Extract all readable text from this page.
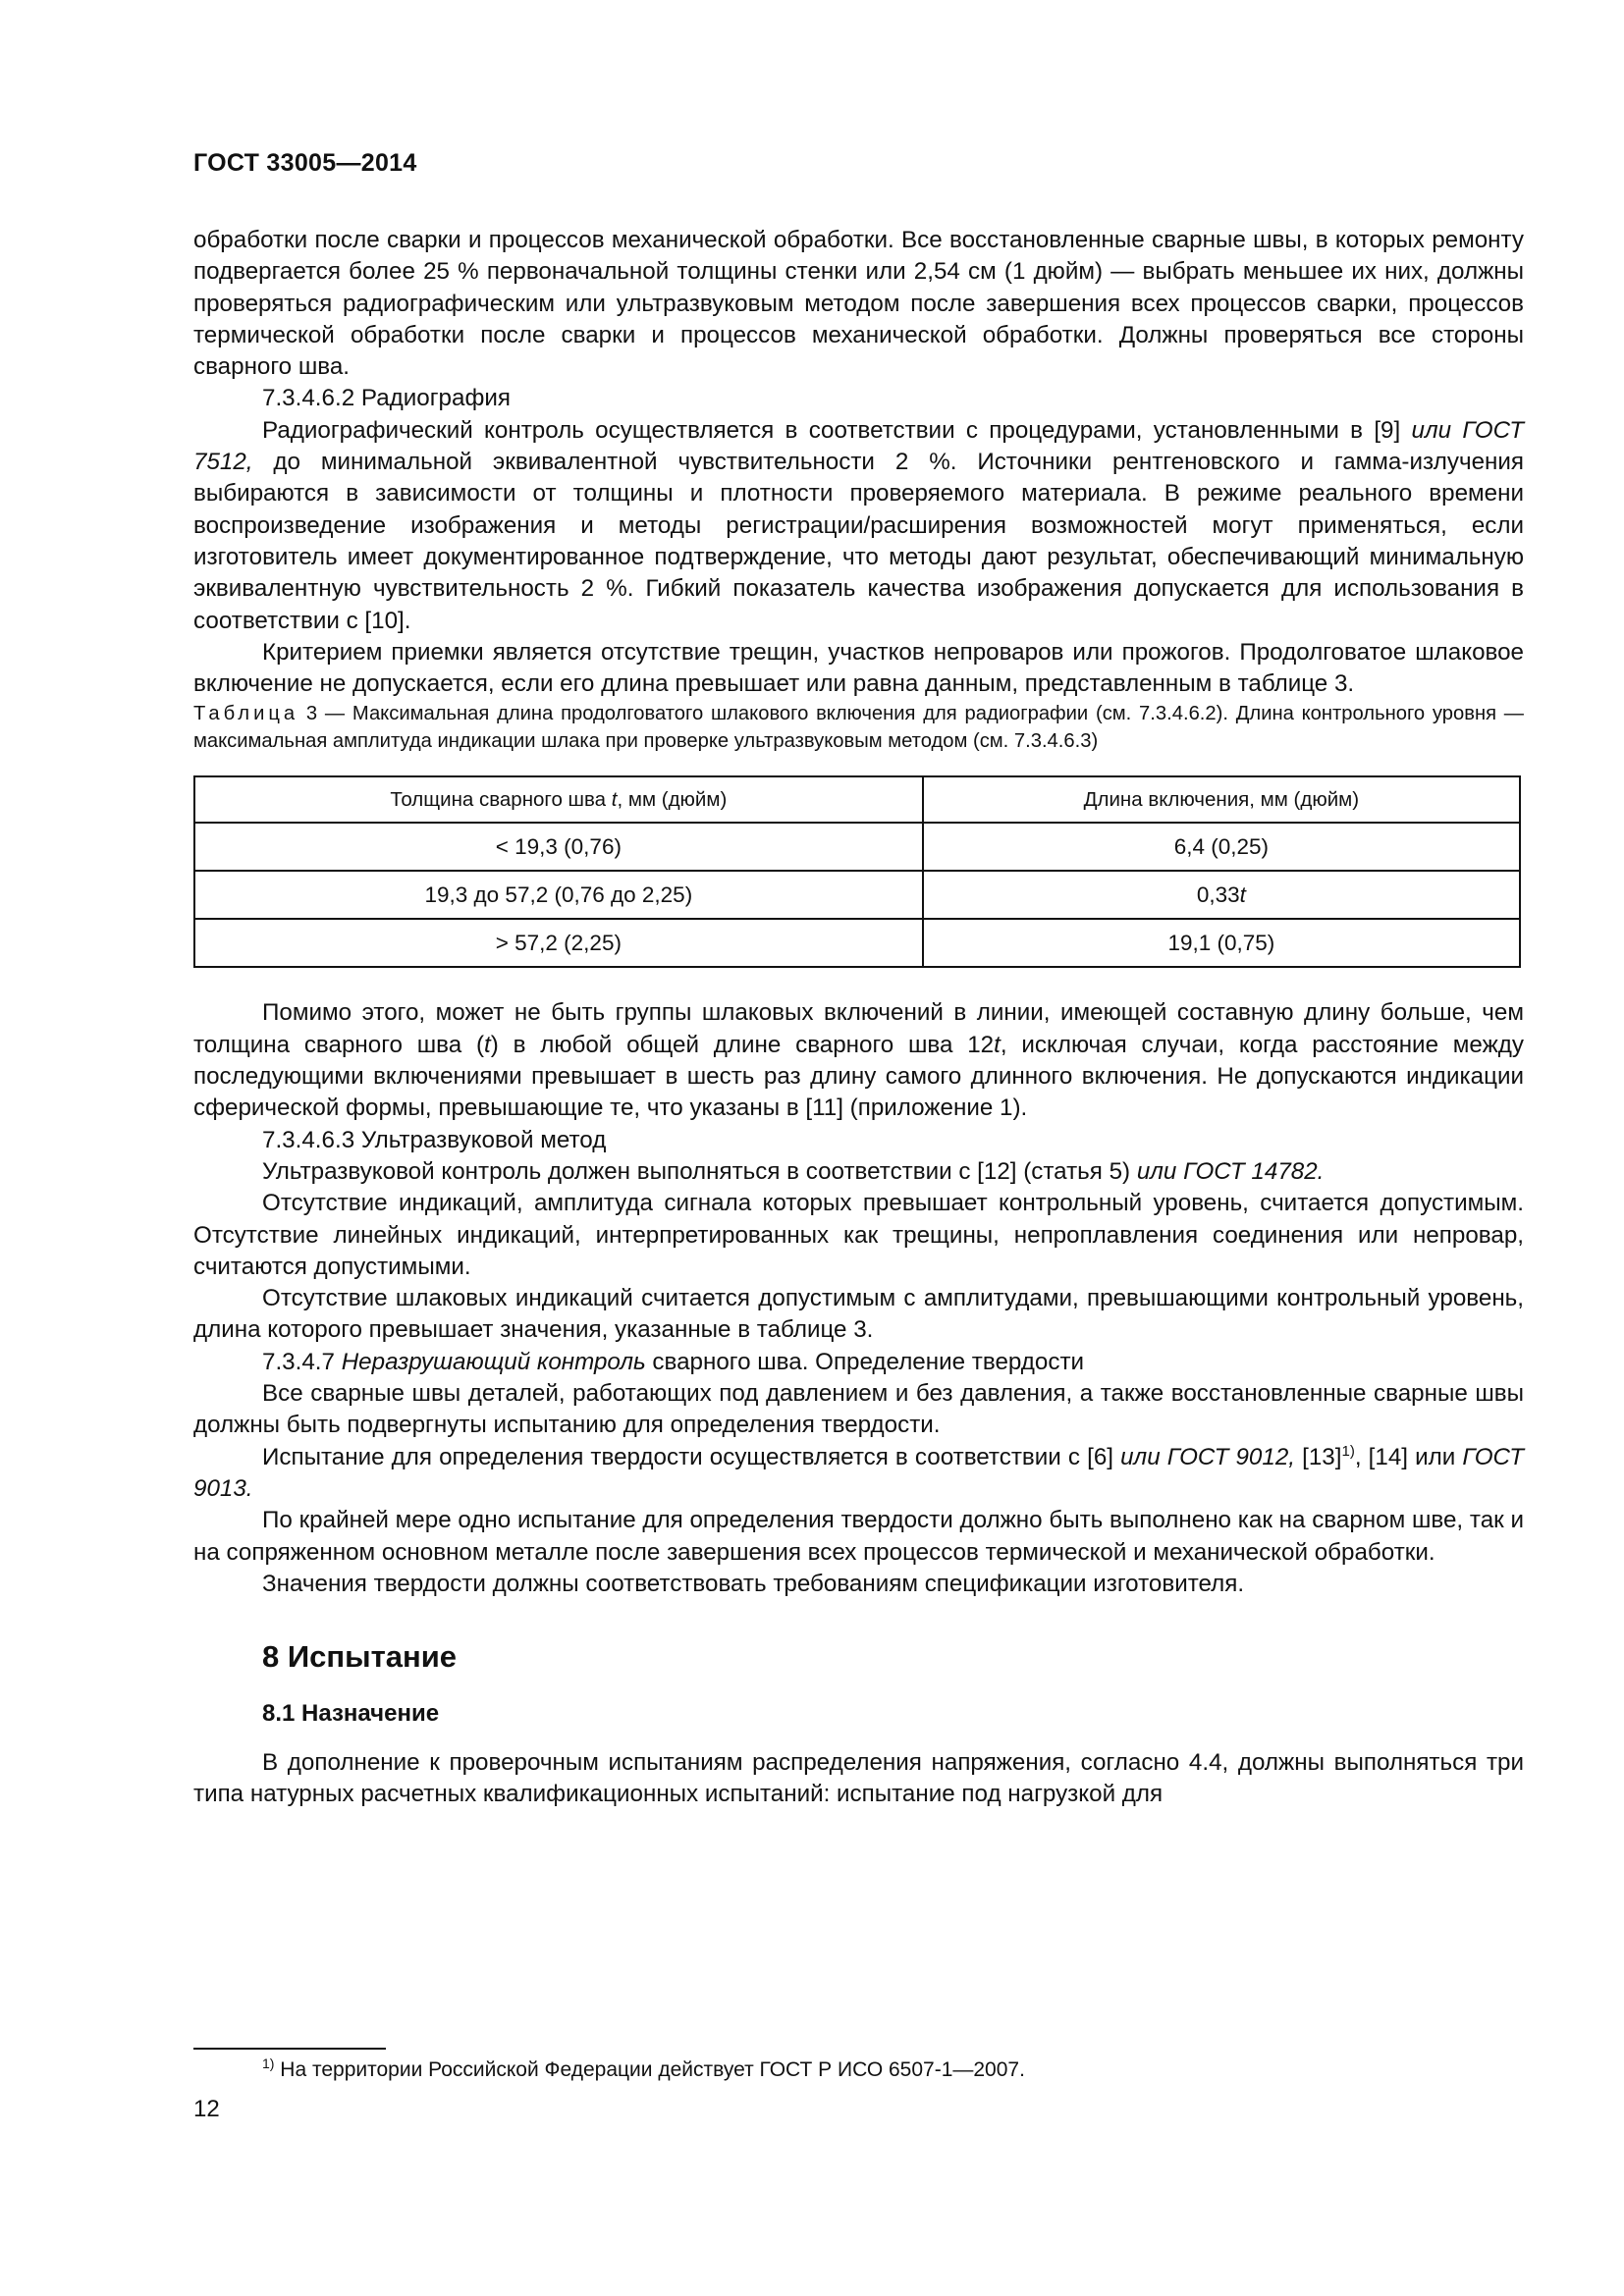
ГОСТ 33005—2014

обработки после сварки и процессов механической обработки. Все восстановленные сварные швы, в которых ремонту подвергается более 25 % первоначальной толщины стенки или 2,54 см (1 дюйм) — выбрать меньшее их них, должны проверяться радиографическим или ультразвуковым методом после завершения всех процессов сварки, процессов термической обработки после сварки и процессов механической обработки. Должны проверяться все стороны сварного шва.

7.3.4.6.2 Радиография

Радиографический контроль осуществляется в соответствии с процедурами, установленными в [9] или ГОСТ 7512, до минимальной эквивалентной чувствительности 2 %. Источники рентгеновского и гамма-излучения выбираются в зависимости от толщины и плотности проверяемого материала. В режиме реального времени воспроизведение изображения и методы регистрации/расширения возможностей могут применяться, если изготовитель имеет документированное подтверждение, что методы дают результат, обеспечивающий минимальную эквивалентную чувствительность 2 %. Гибкий показатель качества изображения допускается для использования в соответствии с [10].

Критерием приемки является отсутствие трещин, участков непроваров или прожогов. Продолговатое шлаковое включение не допускается, если его длина превышает или равна данным, представленным в таблице 3.

Таблица 3 — Максимальная длина продолговатого шлакового включения для радиографии (см. 7.3.4.6.2). Длина контрольного уровня — максимальная амплитуда индикации шлака при проверке ультразвуковым методом (см. 7.3.4.6.3)

Толщина сварного шва t, мм (дюйм)	Длина включения, мм (дюйм)
< 19,3 (0,76)	6,4 (0,25)
19,3 до 57,2 (0,76 до 2,25)	0,33t
> 57,2 (2,25)	19,1 (0,75)

Помимо этого, может не быть группы шлаковых включений в линии, имеющей составную длину больше, чем толщина сварного шва (t) в любой общей длине сварного шва 12t, исключая случаи, когда расстояние между последующими включениями превышает в шесть раз длину самого длинного включения. Не допускаются индикации сферической формы, превышающие те, что указаны в [11] (приложение 1).

7.3.4.6.3 Ультразвуковой метод

Ультразвуковой контроль должен выполняться в соответствии с [12] (статья 5) или ГОСТ 14782.

Отсутствие индикаций, амплитуда сигнала которых превышает контрольный уровень, считается допустимым. Отсутствие линейных индикаций, интерпретированных как трещины, непроплавления соединения или непровар, считаются допустимыми.

Отсутствие шлаковых индикаций считается допустимым с амплитудами, превышающими контрольный уровень, длина которого превышает значения, указанные в таблице 3.

7.3.4.7 Неразрушающий контроль сварного шва. Определение твердости

Все сварные швы деталей, работающих под давлением и без давления, а также восстановленные сварные швы должны быть подвергнуты испытанию для определения твердости.

Испытание для определения твердости осуществляется в соответствии с [6] или ГОСТ 9012, $[13]^{1)}$, [14] или ГОСТ 9013.

По крайней мере одно испытание для определения твердости должно быть выполнено как на сварном шве, так и на сопряженном основном металле после завершения всех процессов термической и механической обработки.

Значения твердости должны соответствовать требованиям спецификации изготовителя.

8 Испытание
8.1 Назначение

В дополнение к проверочным испытаниям распределения напряжения, согласно 4.4, должны выполняться три типа натурных расчетных квалификационных испытаний: испытание под нагрузкой для

$^{1)}$ На территории Российской Федерации действует ГОСТ Р ИСО 6507-1—2007.
12
